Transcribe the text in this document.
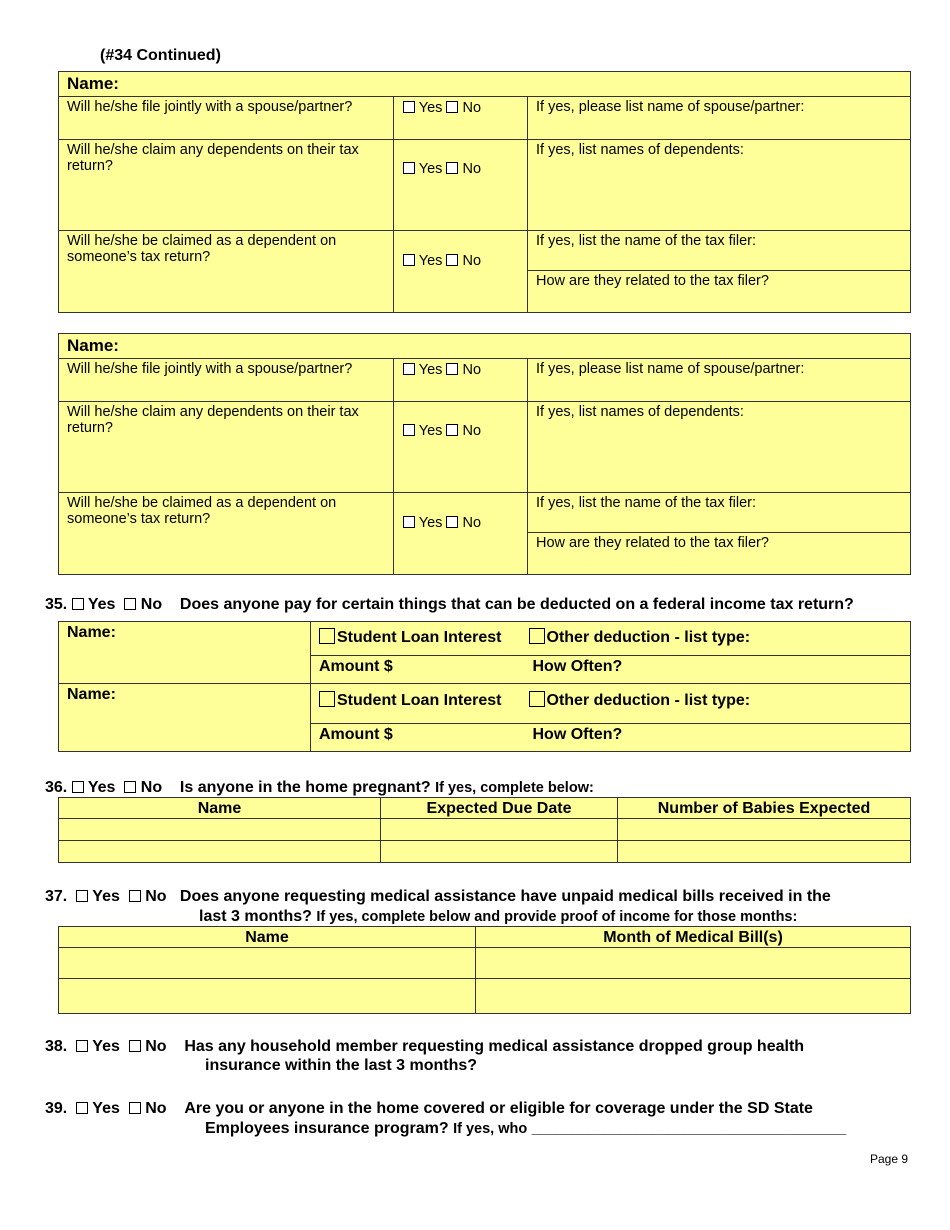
(#34 Continued)
Name:		
Will he/she file jointly with a spouse/partner?	Yes No	If yes, please list name of spouse/partner:
Will he/she claim any dependents on their tax return?	Yes No	If yes, list names of dependents:
Will he/she be claimed as a dependent on someone’s tax return?	Yes No	If yes, list the name of the tax filer:
		How are they related to the tax filer?
Name:		
Will he/she file jointly with a spouse/partner?	Yes No	If yes, please list name of spouse/partner:
Will he/she claim any dependents on their tax return?	Yes No	If yes, list names of dependents:
Will he/she be claimed as a dependent on someone’s tax return?	Yes No	If yes, list the name of the tax filer:
		How are they related to the tax filer?
35. Yes No Does anyone pay for certain things that can be deducted on a federal income tax return?
Name:	Student Loan Interest	Other deduction - list type:
	Amount $	How Often?
Name:	Student Loan Interest	Other deduction - list type:
	Amount $	How Often?
36. Yes No Is anyone in the home pregnant? If yes, complete below:
Name	Expected Due Date	Number of Babies Expected

37. Yes No Does anyone requesting medical assistance have unpaid medical bills received in the
last 3 months? If yes, complete below and provide proof of income for those months:
Name	Month of Medical Bill(s)

38. Yes No Has any household member requesting medical assistance dropped group health
insurance within the last 3 months?
39. Yes No Are you or anyone in the home covered or eligible for coverage under the SD State
Employees insurance program? If yes, who _______________________________________
Page 9
